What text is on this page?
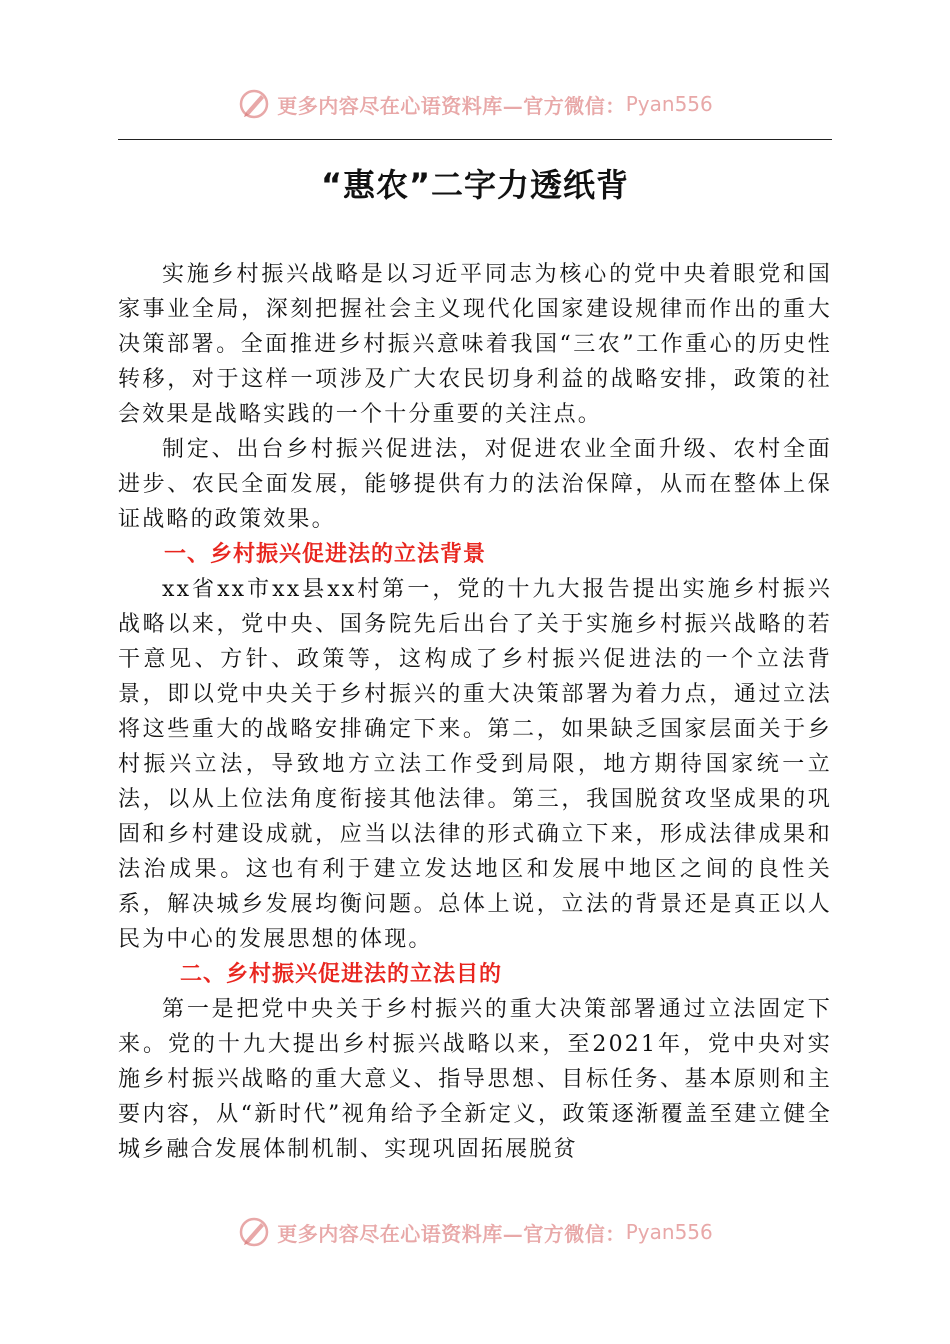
更多内容尽在心语资料库—官方微信： Pyan556
“惠农”二字力透纸背

实施乡村振兴战略是以习近平同志为核心的党中央着眼党和国家事业全局，深刻把握社会主义现代化国家建设规律而作出的重大决策部署。全面推进乡村振兴意味着我国“三农”工作重心的历史性转移，对于这样一项涉及广大农民切身利益的战略安排，政策的社会效果是战略实践的一个十分重要的关注点。

制定、出台乡村振兴促进法，对促进农业全面升级、农村全面进步、农民全面发展，能够提供有力的法治保障，从而在整体上保证战略的政策效果。

一、乡村振兴促进法的立法背景

xx省xx市xx县xx村第一，党的十九大报告提出实施乡村振兴战略以来，党中央、国务院先后出台了关于实施乡村振兴战略的若干意见、方针、政策等，这构成了乡村振兴促进法的一个立法背景，即以党中央关于乡村振兴的重大决策部署为着力点，通过立法将这些重大的战略安排确定下来。第二，如果缺乏国家层面关于乡村振兴立法，导致地方立法工作受到局限，地方期待国家统一立法，以从上位法角度衔接其他法律。第三，我国脱贫攻坚成果的巩固和乡村建设成就，应当以法律的形式确立下来，形成法律成果和法治成果。这也有利于建立发达地区和发展中地区之间的良性关系，解决城乡发展均衡问题。总体上说，立法的背景还是真正以人民为中心的发展思想的体现。

二、乡村振兴促进法的立法目的

第一是把党中央关于乡村振兴的重大决策部署通过立法固定下来。党的十九大提出乡村振兴战略以来，至2021年，党中央对实施乡村振兴战略的重大意义、指导思想、目标任务、基本原则和主要内容，从“新时代”视角给予全新定义，政策逐渐覆盖至建立健全城乡融合发展体制机制、实现巩固拓展脱贫

更多内容尽在心语资料库—官方微信： Pyan556
